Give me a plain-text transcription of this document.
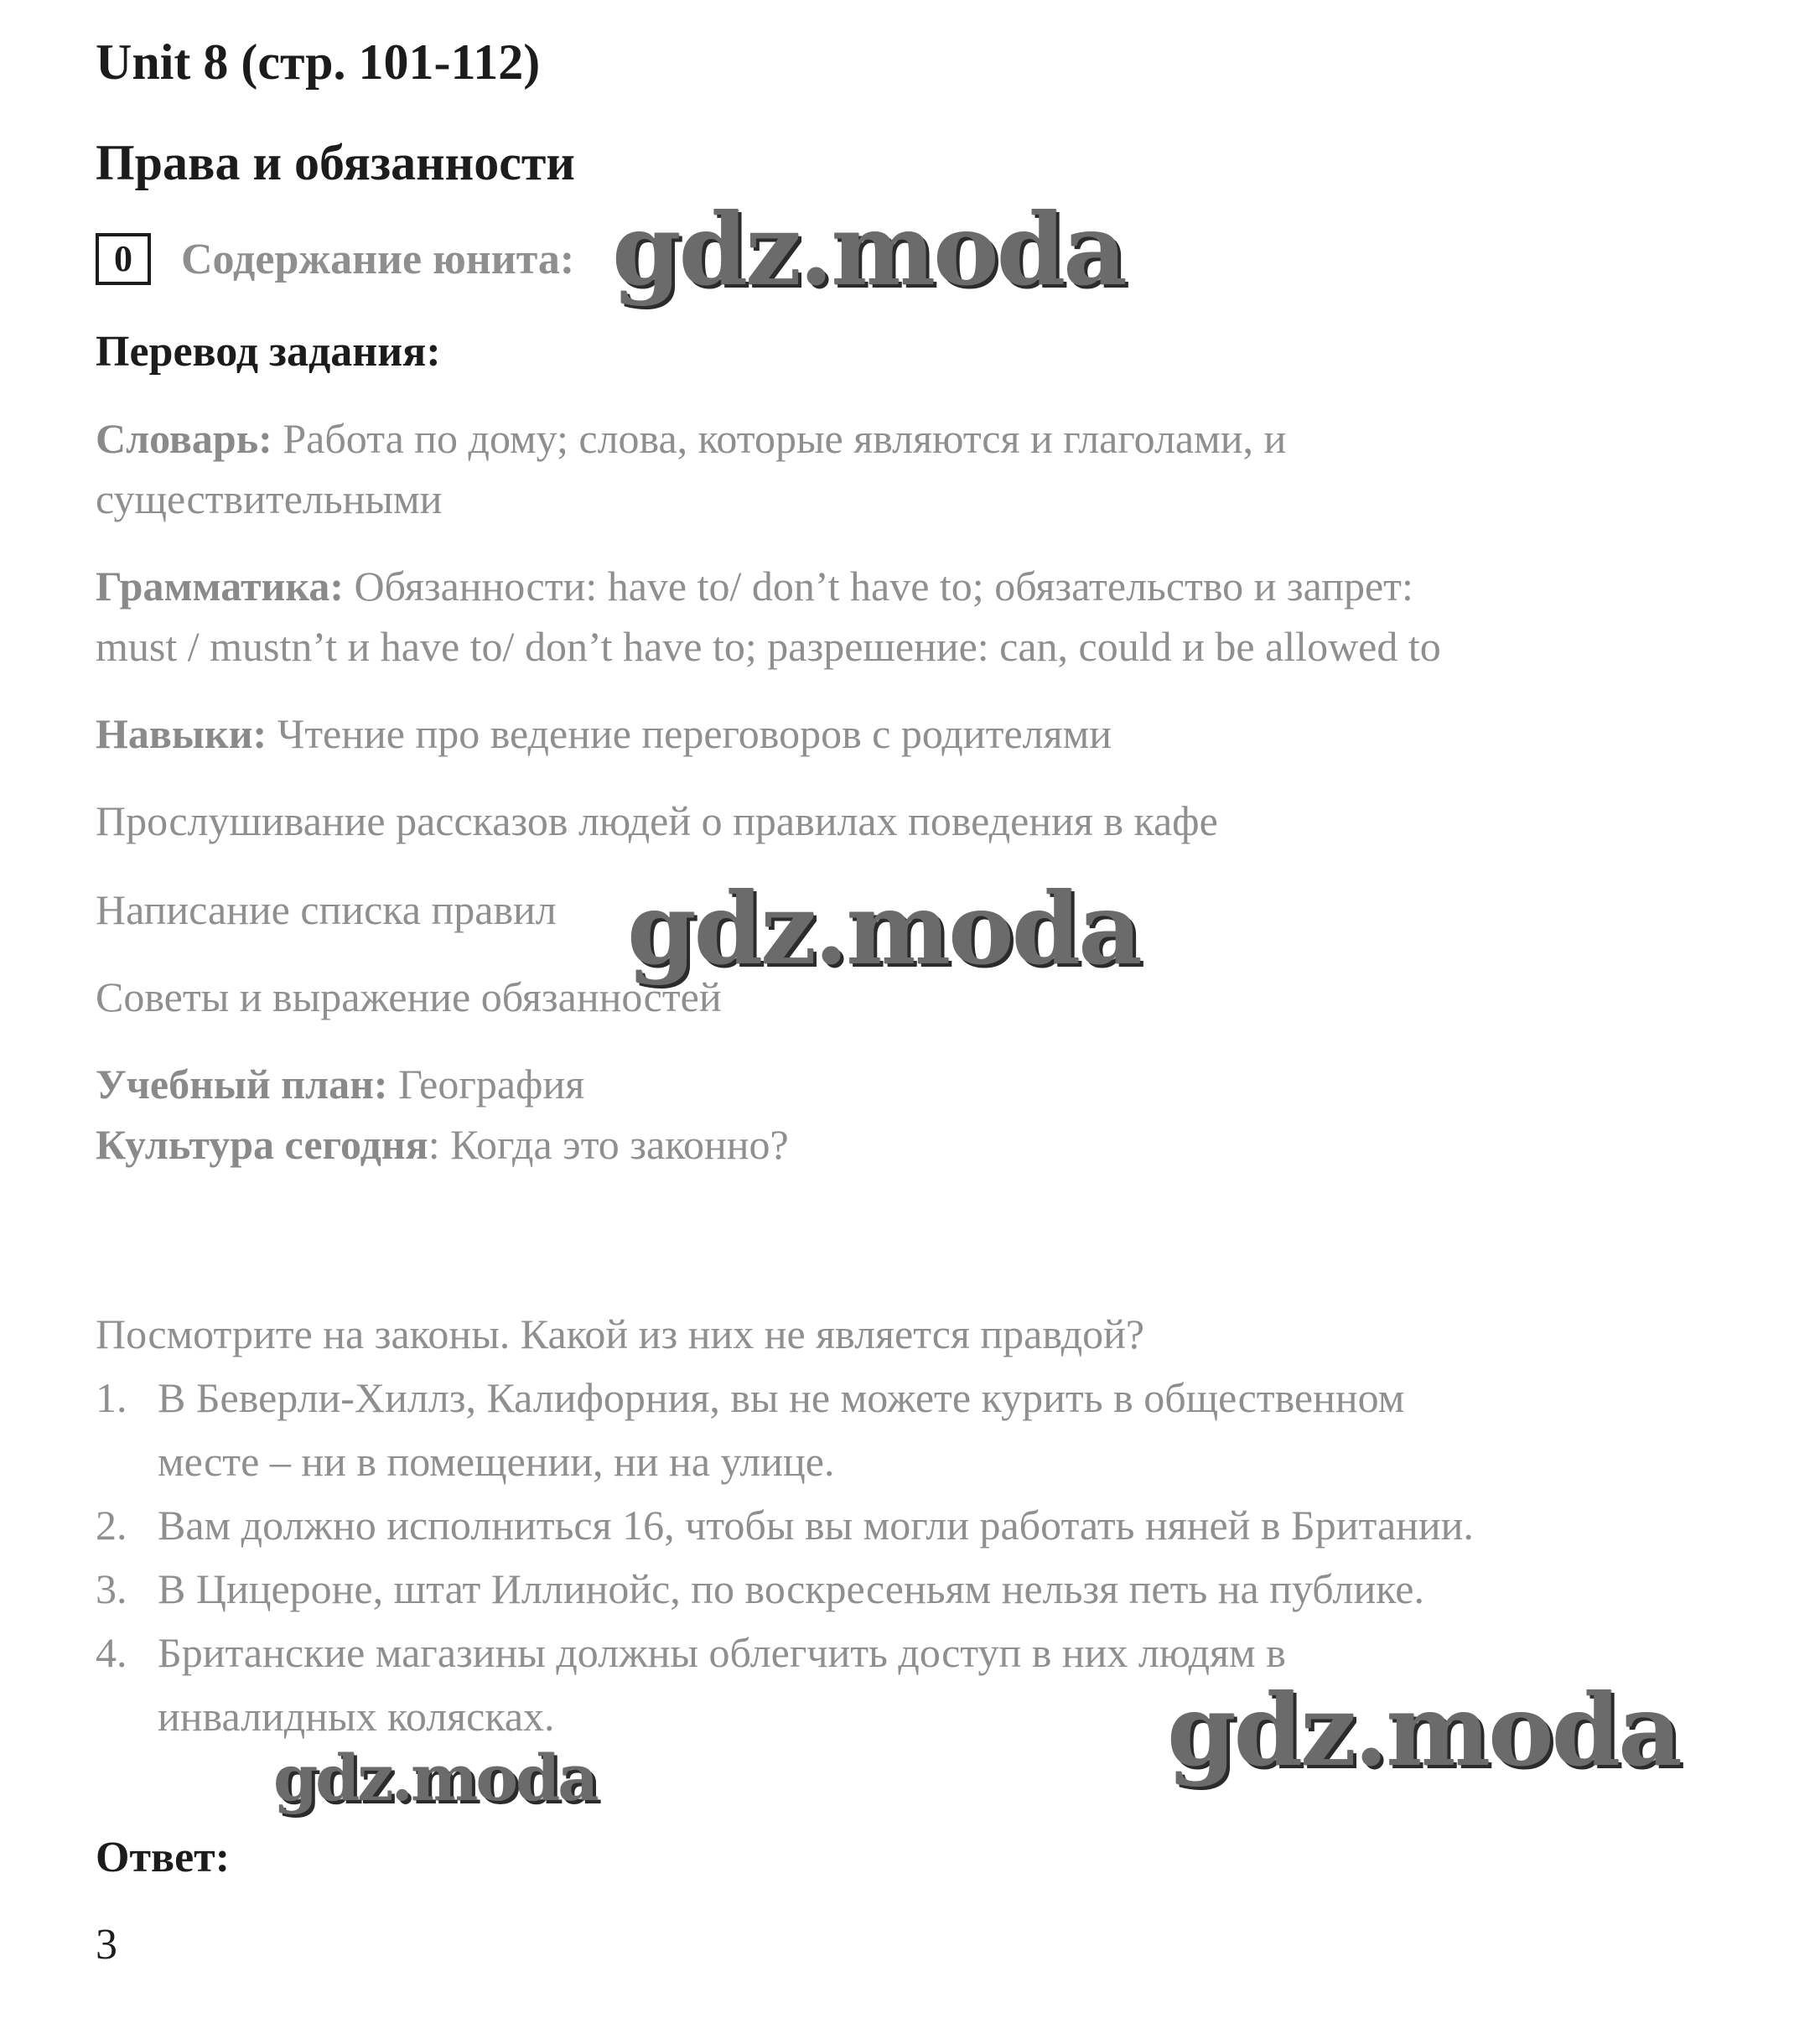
Unit 8 (стр. 101-112)
Права и обязанности
0	Содержание юнита:
Перевод задания:
Словарь: Работа по дому; слова, которые являются и глаголами, и
существительными
Грамматика: Обязанности: have to/ don’t have to; обязательство и запрет:
must / mustn’t и have to/ don’t have to; разрешение: can, could и be allowed to
Навыки: Чтение про ведение переговоров с родителями
Прослушивание рассказов людей о правилах поведения в кафе
Написание списка правил
Советы и выражение обязанностей
Учебный план: География
Культура сегодня: Когда это законно?
Посмотрите на законы. Какой из них не является правдой?
1. В Беверли-Хиллз, Калифорния, вы не можете курить в общественном
месте – ни в помещении, ни на улице.
2. Вам должно исполниться 16, чтобы вы могли работать няней в Британии.
3. В Цицероне, штат Иллинойс, по воскресеньям нельзя петь на публике.
4. Британские магазины должны облегчить доступ в них людям в
инвалидных колясках.
Ответ:
3
gdz.moda
gdz.moda
gdz.moda
gdz.moda
